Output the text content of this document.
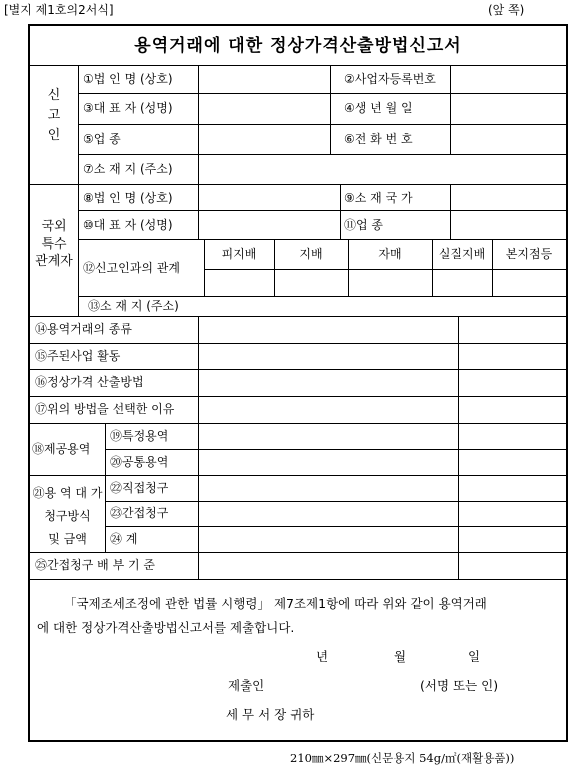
[별지 제1호의2서식]	(앞 쪽)
용역거래에 대한 정상가격산출방법신고서
신
고
인
①법 인 명 (상호)	②사업자등록번호
③대 표 자 (성명)	④생 년 월 일
⑤업 종	⑥전 화 번 호
⑦소 재 지 (주소)
국외
특수
관계자
⑧법 인 명 (상호)	⑨소 재 국 가
⑩대 표 자 (성명)	⑪업 종
⑫신고인과의 관계
피지배	지배	자매	실질지배	본지점등
⑬소 재 지 (주소)
⑭용역거래의 종류
⑮주된사업 활동
⑯정상가격 산출방법
⑰위의 방법을 선택한 이유
⑱제공용역
⑲특정용역
⑳공통용역
㉑용 역 대 가
청구방식
및 금액
㉒직접청구
㉓간접청구
㉔ 계
㉕간접청구 배 부 기 준
「국제조세조정에 관한 법률 시행령」 제7조제1항에 따라 위와 같이 용역거래
에 대한 정상가격산출방법신고서를 제출합니다.
년	월	일
제출인	(서명 또는 인)
세 무 서 장 귀하
210㎜×297㎜(신문용지 54g/㎡(재활용품))
